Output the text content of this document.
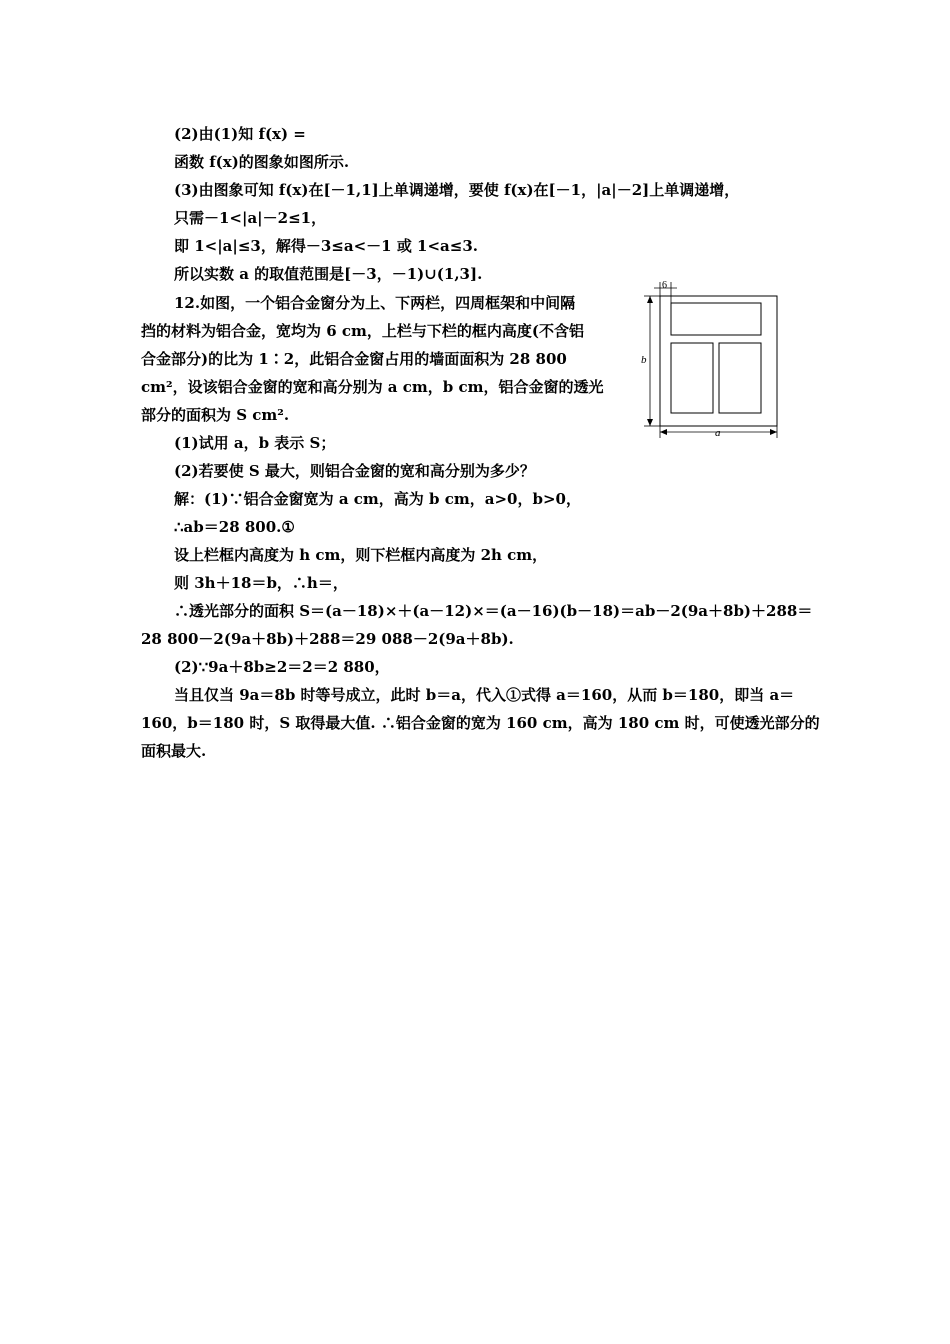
(2)由(1)知 f(x) =
函数 f(x)的图象如图所示.
(3)由图象可知 f(x)在[－1,1]上单调递增，要使 f(x)在[－1，|a|－2]上单调递增，
只需－1<|a|－2≤1，
即 1<|a|≤3，解得－3≤a<－1 或 1<a≤3.
所以实数 a 的取值范围是[－3，－1)∪(1,3].
12.如图，一个铝合金窗分为上、下两栏，四周框架和中间隔
挡的材料为铝合金，宽均为 6 cm，上栏与下栏的框内高度(不含铝
合金部分)的比为 1∶2，此铝合金窗占用的墙面面积为 28 800
cm²，设该铝合金窗的宽和高分别为 a cm，b cm，铝合金窗的透光
部分的面积为 S cm².
(1)试用 a，b 表示 S；
(2)若要使 S 最大，则铝合金窗的宽和高分别为多少？
解：(1)∵铝合金窗宽为 a cm，高为 b cm，a>0，b>0，
∴ab＝28 800.①
设上栏框内高度为 h cm，则下栏框内高度为 2h cm，
则 3h＋18＝b，∴h＝，
∴透光部分的面积 S＝(a－18)×＋(a－12)×＝(a－16)(b－18)＝ab－2(9a＋8b)＋288＝
28 800－2(9a＋8b)＋288＝29 088－2(9a＋8b).
(2)∵9a＋8b≥2＝2＝2 880，
当且仅当 9a＝8b 时等号成立，此时 b＝a，代入①式得 a＝160，从而 b＝180，即当 a＝
160，b＝180 时，S 取得最大值. ∴铝合金窗的宽为 160 cm，高为 180 cm 时，可使透光部分的
面积最大.
6
b
a
